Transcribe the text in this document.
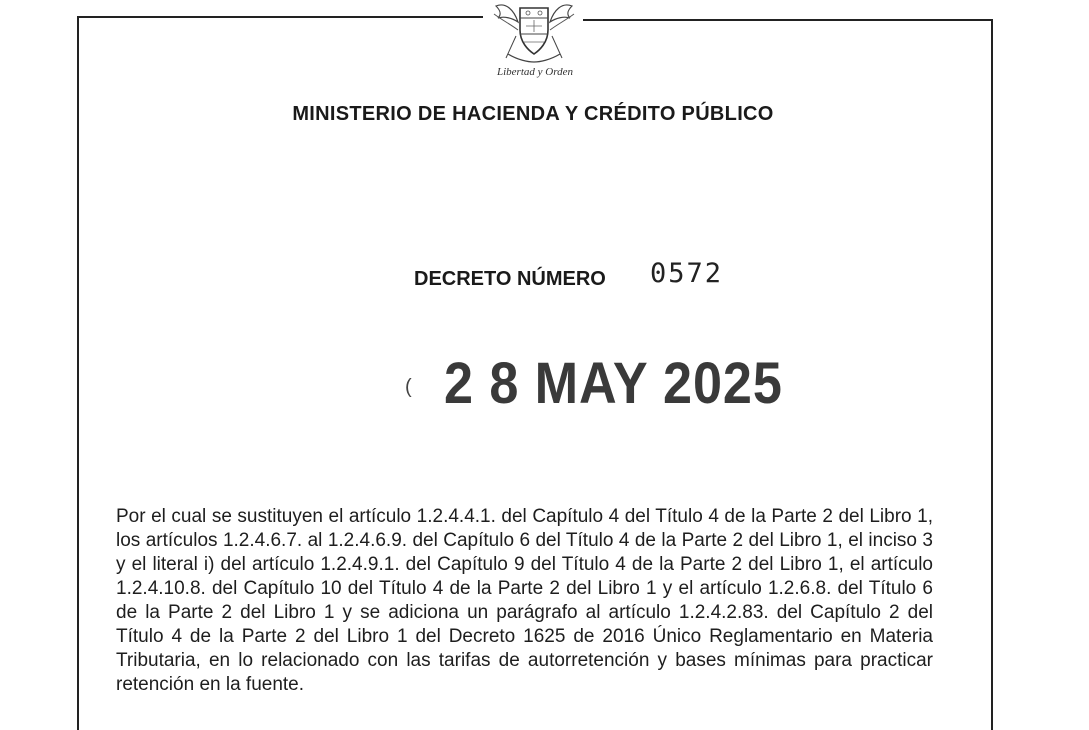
Libertad y Orden
MINISTERIO DE HACIENDA Y CRÉDITO PÚBLICO
DECRETO NÚMERO 0572
( 2 8 MAY 2025
Por el cual se sustituyen el artículo 1.2.4.4.1. del Capítulo 4 del Título 4 de la Parte 2 del Libro 1, los artículos 1.2.4.6.7. al 1.2.4.6.9. del Capítulo 6 del Título 4 de la Parte 2 del Libro 1, el inciso 3 y el literal i) del artículo 1.2.4.9.1. del Capítulo 9 del Título 4 de la Parte 2 del Libro 1, el artículo 1.2.4.10.8. del Capítulo 10 del Título 4 de la Parte 2 del Libro 1 y el artículo 1.2.6.8. del Título 6 de la Parte 2 del Libro 1 y se adiciona un parágrafo al artículo 1.2.4.2.83. del Capítulo 2 del Título 4 de la Parte 2 del Libro 1 del Decreto 1625 de 2016 Único Reglamentario en Materia Tributaria, en lo relacionado con las tarifas de autorretención y bases mínimas para practicar retención en la fuente.
